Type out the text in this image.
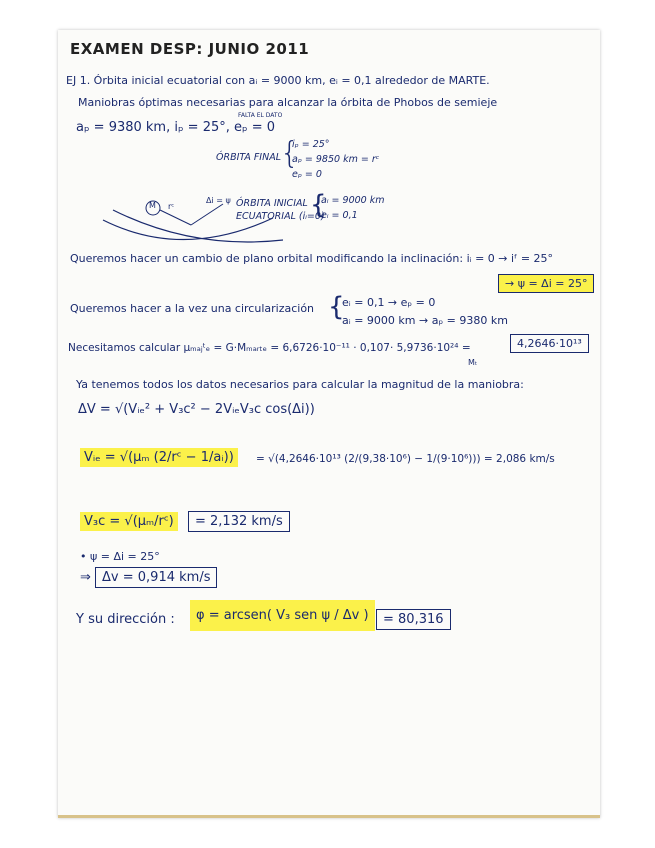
EXAMEN DESP: JUNIO 2011
EJ 1. Órbita inicial ecuatorial con aᵢ = 9000 km, eᵢ = 0,1 alrededor de MARTE.
Maniobras óptimas necesarias para alcanzar la órbita de Phobos de semieje
FALTA EL DATO
aₚ = 9380 km, iₚ = 25°, eₚ = 0
M rᶜ
Δi = ψ
ÓRBITA FINAL
{
iₚ = 25°
aₚ = 9850 km = rᶜ
eₚ = 0
ÓRBITA INICIAL
ECUATORIAL (iᵢ=0)
{
aᵢ = 9000 km
eᵢ = 0,1
Queremos hacer un cambio de plano orbital modificando la inclinación: iᵢ = 0 → iᶠ = 25°
→ ψ = Δi = 25°
Queremos hacer a la vez una circularización {
eᵢ = 0,1 → eₚ = 0
aᵢ = 9000 km → aₚ = 9380 km
Necesitamos calcular μₘₐⱼᵗₑ = G·Mₘₐᵣₜₑ = 6,6726·10⁻¹¹ · 0,107· 5,9736·10²⁴ =	4,2646·10¹³
Mₜ
Ya tenemos todos los datos necesarios para calcular la magnitud de la maniobra:
ΔV = √(Vᵢₑ² + V₃c² − 2VᵢₑV₃c cos(Δi))
Vᵢₑ = √(μₘ (2/rᶜ − 1/aᵢ))	= √(4,2646·10¹³ (2/(9,38·10⁶) − 1/(9·10⁶))) = 2,086 km/s
V₃c = √(μₘ/rᶜ)	= 2,132 km/s
• ψ = Δi = 25°
⇒ Δv = 0,914 km/s
Y su dirección :	φ = arcsen( V₃ sen ψ / Δv )	= 80,316
